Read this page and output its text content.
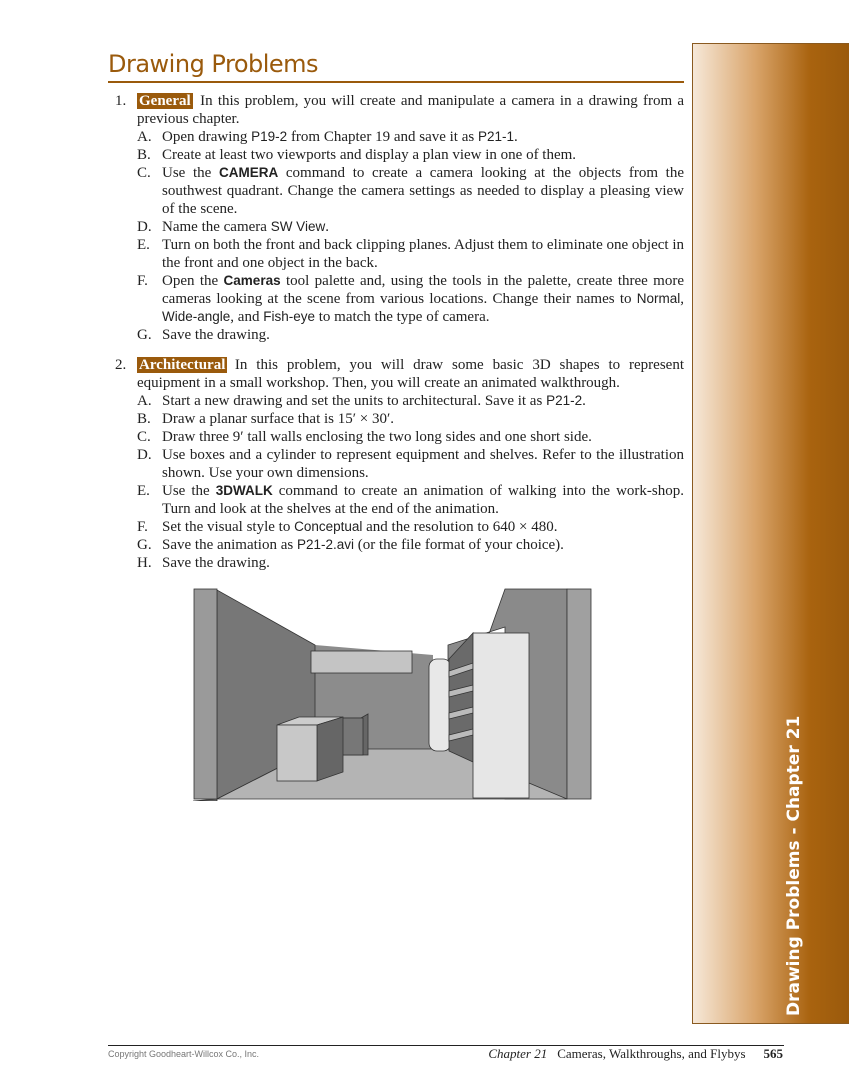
Drawing Problems
Drawing Problems - Chapter 21
1. General  In this problem, you will create and manipulate a camera in a drawing from a previous chapter.
A. Open drawing P19-2 from Chapter 19 and save it as P21-1.
B. Create at least two viewports and display a plan view in one of them.
C. Use the CAMERA command to create a camera looking at the objects from the southwest quadrant. Change the camera settings as needed to display a pleasing view of the scene.
D. Name the camera SW View.
E. Turn on both the front and back clipping planes. Adjust them to eliminate one object in the front and one object in the back.
F. Open the Cameras tool palette and, using the tools in the palette, create three more cameras looking at the scene from various locations. Change their names to Normal, Wide-angle, and Fish-eye to match the type of camera.
G. Save the drawing.
2. Architectural  In this problem, you will draw some basic 3D shapes to represent equipment in a small workshop. Then, you will create an animated walkthrough.
A. Start a new drawing and set the units to architectural. Save it as P21-2.
B. Draw a planar surface that is 15′ × 30′.
C. Draw three 9′ tall walls enclosing the two long sides and one short side.
D. Use boxes and a cylinder to represent equipment and shelves. Refer to the illustration shown. Use your own dimensions.
E. Use the 3DWALK command to create an animation of walking into the work-shop. Turn and look at the shelves at the end of the animation.
F. Set the visual style to Conceptual and the resolution to 640 × 480.
G. Save the animation as P21-2.avi (or the file format of your choice).
H. Save the drawing.
Copyright Goodheart-Willcox Co., Inc.	Chapter 21 Cameras, Walkthroughs, and Flybys 565
